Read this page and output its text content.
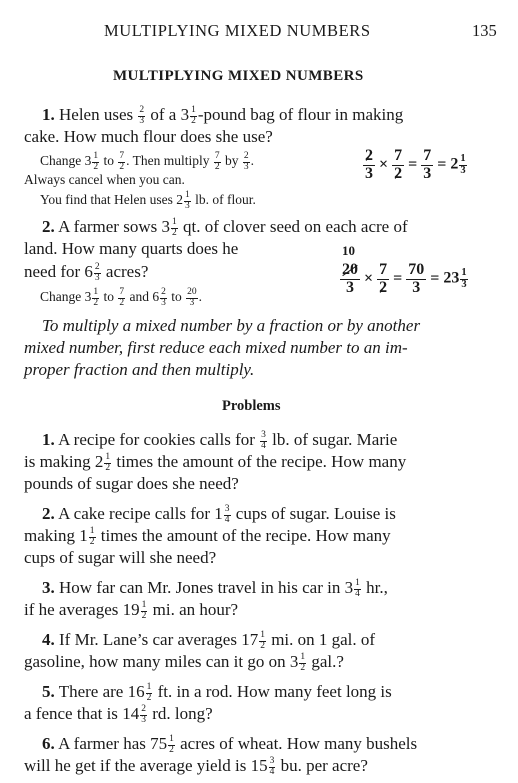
MULTIPLYING MIXED NUMBERS	135
MULTIPLYING MIXED NUMBERS
1. Helen uses $\frac{2}{3}$ of a $3 \frac{1}{2}$ -pound bag of flour in making
cake. How much flour does she use?
Change $3 \frac{1}{2}$ to $\frac{7}{2}$ . Then multiply $\frac{7}{2}$ by $\frac{2}{3}$ .
Always cancel when you can.
You find that Helen uses $2 \frac{1}{3}$ lb. of flour.
$\frac{2}{3} \times \frac{7}{2} = \frac{7}{3} = 2 \frac{1}{3}$
2. A farmer sows $3 \frac{1}{2}$ qt. of clover seed on each acre of
land. How many quarts does he
need for $6 \frac{2}{3}$ acres?
Change $3 \frac{1}{2}$ to $\frac{7}{2}$ and $6 \frac{2}{3}$ to $\frac{20}{3}$ .
10
$\frac{20}{3} \times \frac{7}{2} = \frac{70}{3} = 23 \frac{1}{3}$
To multiply a mixed number by a fraction or by another
mixed number, first reduce each mixed number to an im-
proper fraction and then multiply.
Problems
1. A recipe for cookies calls for $\frac{3}{4}$ lb. of sugar. Marie
is making $2 \frac{1}{2}$ times the amount of the recipe. How many
pounds of sugar does she need?
2. A cake recipe calls for $1 \frac{3}{4}$ cups of sugar. Louise is
making $1 \frac{1}{2}$ times the amount of the recipe. How many
cups of sugar will she need?
3. How far can Mr. Jones travel in his car in $3 \frac{1}{4}$ hr.,
if he averages $19 \frac{1}{2}$ mi. an hour?
4. If Mr. Lane’s car averages $17 \frac{1}{2}$ mi. on 1 gal. of
gasoline, how many miles can it go on $3 \frac{1}{2}$ gal.?
5. There are $16 \frac{1}{2}$ ft. in a rod. How many feet long is
a fence that is $14 \frac{2}{3}$ rd. long?
6. A farmer has $75 \frac{1}{2}$ acres of wheat. How many bushels
will he get if the average yield is $15 \frac{3}{4}$ bu. per acre?
